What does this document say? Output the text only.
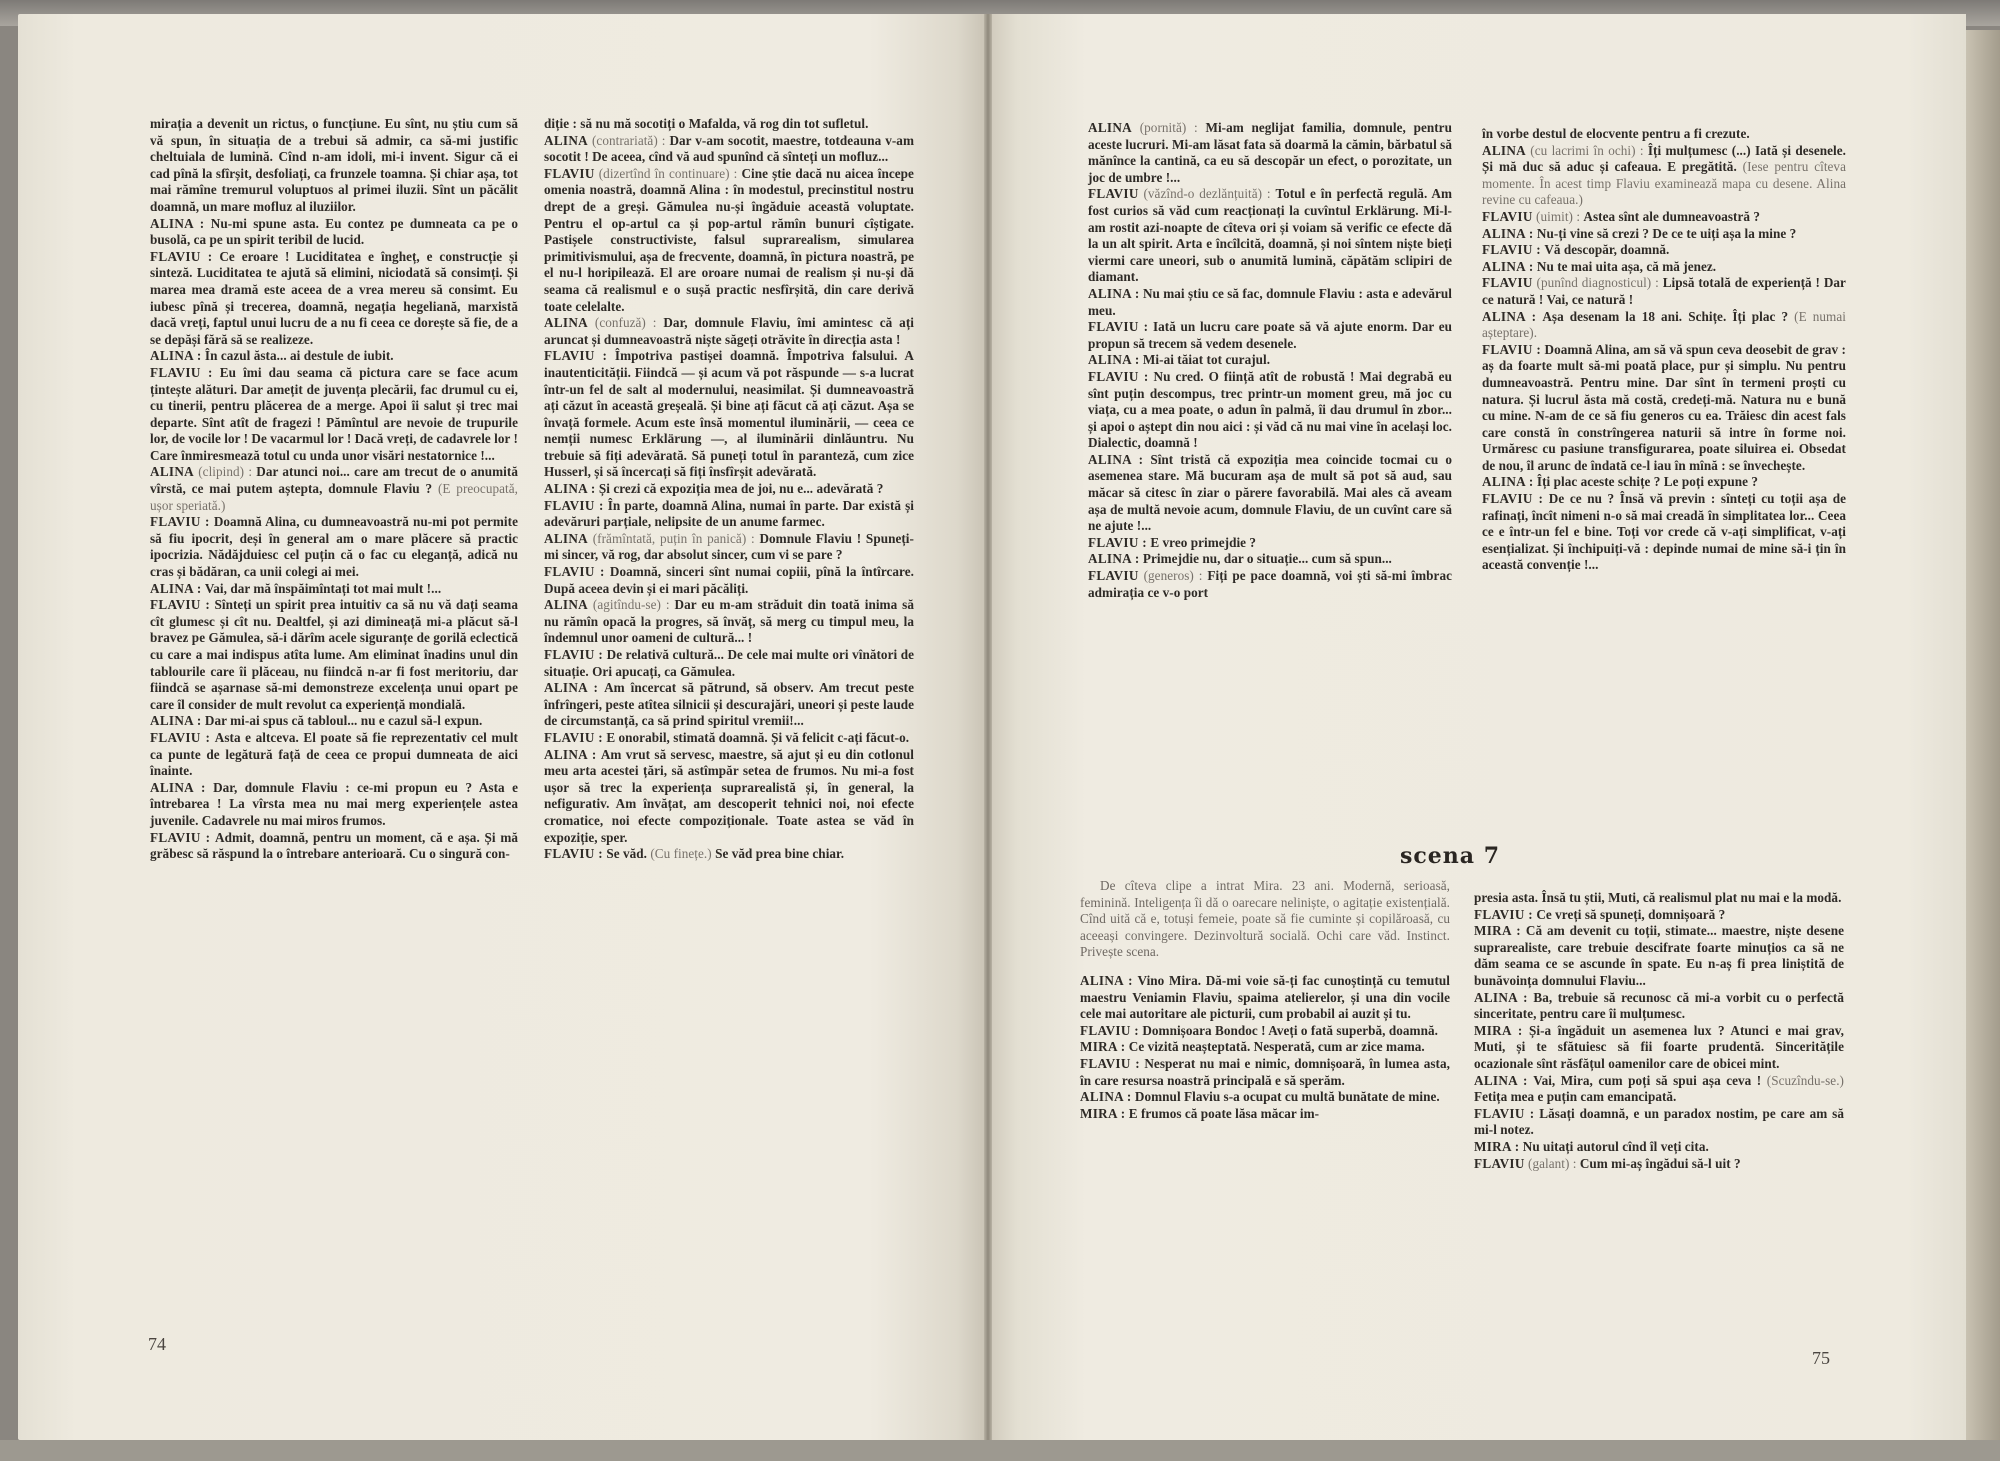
mirația a devenit un rictus, o funcțiune. Eu sînt, nu știu cum să vă spun, în situația de a trebui să admir, ca să-mi justific cheltuiala de lumină. Cînd n-am idoli, mi-i invent. Sigur că ei cad pînă la sfîrșit, desfoliați, ca frunzele toamna. Și chiar așa, tot mai rămîne tremurul voluptuos al primei iluzii. Sînt un păcălit doamnă, un mare mofluz al iluziilor.

ALINA : Nu-mi spune asta. Eu contez pe dumneata ca pe o busolă, ca pe un spirit teribil de lucid.

FLAVIU : Ce eroare ! Luciditatea e îngheț, e construcție și sinteză. Luciditatea te ajută să elimini, niciodată să consimți. Și marea mea dramă este aceea de a vrea mereu să consimt. Eu iubesc pînă și trecerea, doamnă, negația hegeliană, marxistă dacă vreți, faptul unui lucru de a nu fi ceea ce dorește să fie, de a se depăși fără să se realizeze.

ALINA : În cazul ăsta... ai destule de iubit.

FLAVIU : Eu îmi dau seama că pictura care se face acum țintește alături. Dar amețit de juvența plecării, fac drumul cu ei, cu tinerii, pentru plăcerea de a merge. Apoi îi salut și trec mai departe. Sînt atît de fragezi ! Pămîntul are nevoie de trupurile lor, de vocile lor ! De vacarmul lor ! Dacă vreți, de cadavrele lor ! Care înmiresmează totul cu unda unor visări nestatornice !...

ALINA (clipind) : Dar atunci noi... care am trecut de o anumită vîrstă, ce mai putem aștepta, domnule Flaviu ? (E preocupată, ușor speriată.)

FLAVIU : Doamnă Alina, cu dumneavoastră nu-mi pot permite să fiu ipocrit, deși în general am o mare plăcere să practic ipocrizia. Nădăjduiesc cel puțin că o fac cu eleganță, adică nu cras și bădăran, ca unii colegi ai mei.

ALINA : Vai, dar mă înspăimîntați tot mai mult !...

FLAVIU : Sînteți un spirit prea intuitiv ca să nu vă dați seama cît glumesc și cît nu. Dealtfel, și azi dimineață mi-a plăcut să-l bravez pe Gămulea, să-i dărîm acele siguranțe de gorilă eclectică cu care a mai indispus atîta lume. Am eliminat înadins unul din tablourile care îi plăceau, nu fiindcă n-ar fi fost meritoriu, dar fiindcă se așarnase să-mi demonstreze excelența unui opart pe care îl consider de mult revolut ca experiență mondială.

ALINA : Dar mi-ai spus că tabloul... nu e cazul să-l expun.

FLAVIU : Asta e altceva. El poate să fie reprezentativ cel mult ca punte de legătură față de ceea ce propui dumneata de aici înainte.

ALINA : Dar, domnule Flaviu : ce-mi propun eu ? Asta e întrebarea ! La vîrsta mea nu mai merg experiențele astea juvenile. Cadavrele nu mai miros frumos.

FLAVIU : Admit, doamnă, pentru un moment, că e așa. Și mă grăbesc să răspund la o întrebare anterioară. Cu o singură con-

diție : să nu mă socotiți o Mafalda, vă rog din tot sufletul.

ALINA (contrariată) : Dar v-am socotit, maestre, totdeauna v-am socotit ! De aceea, cînd vă aud spunînd că sînteți un mofluz...

FLAVIU (dizertînd în continuare) : Cine știe dacă nu aicea începe omenia noastră, doamnă Alina : în modestul, precinstitul nostru drept de a greși. Gămulea nu-și îngăduie această voluptate. Pentru el op-artul ca și pop-artul rămîn bunuri cîștigate. Pastișele constructiviste, falsul suprarealism, simularea primitivismului, așa de frecvente, doamnă, în pictura noastră, pe el nu-l horipilează. El are oroare numai de realism și nu-și dă seama că realismul e o sușă practic nesfîrșită, din care derivă toate celelalte.

ALINA (confuză) : Dar, domnule Flaviu, îmi amintesc că ați aruncat și dumneavoastră niște săgeți otrăvite în direcția asta !

FLAVIU : Împotriva pastișei doamnă. Împotriva falsului. A inautenticității. Fiindcă — și acum vă pot răspunde — s-a lucrat într-un fel de salt al modernului, neasimilat. Și dumneavoastră ați căzut în această greșeală. Și bine ați făcut că ați căzut. Așa se învață formele. Acum este însă momentul iluminării, — ceea ce nemții numesc Erklärung —, al iluminării dinlăuntru. Nu trebuie să fiți adevărată. Să puneți totul în paranteză, cum zice Husserl, și să încercați să fiți însfîrșit adevărată.

ALINA : Și crezi că expoziția mea de joi, nu e... adevărată ?

FLAVIU : În parte, doamnă Alina, numai în parte. Dar există și adevăruri parțiale, nelipsite de un anume farmec.

ALINA (frămîntată, puțin în panică) : Domnule Flaviu ! Spuneți-mi sincer, vă rog, dar absolut sincer, cum vi se pare ?

FLAVIU : Doamnă, sinceri sînt numai copiii, pînă la întîrcare. După aceea devin și ei mari păcăliți.

ALINA (agitîndu-se) : Dar eu m-am străduit din toată inima să nu rămîn opacă la progres, să învăț, să merg cu timpul meu, la îndemnul unor oameni de cultură... !

FLAVIU : De relativă cultură... De cele mai multe ori vînători de situație. Ori apucați, ca Gămulea.

ALINA : Am încercat să pătrund, să observ. Am trecut peste înfrîngeri, peste atîtea silnicii și descurajări, uneori și peste laude de circumstanță, ca să prind spiritul vremii!...

FLAVIU : E onorabil, stimată doamnă. Și vă felicit c-ați făcut-o.

ALINA : Am vrut să servesc, maestre, să ajut și eu din cotlonul meu arta acestei țări, să astîmpăr setea de frumos. Nu mi-a fost ușor să trec la experiența suprarealistă și, în general, la nefigurativ. Am învățat, am descoperit tehnici noi, noi efecte cromatice, noi efecte compoziționale. Toate astea se văd în expoziție, sper.

FLAVIU : Se văd. (Cu finețe.) Se văd prea bine chiar.

ALINA (pornită) : Mi-am neglijat familia, domnule, pentru aceste lucruri. Mi-am lăsat fata să doarmă la cămin, bărbatul să mănînce la cantină, ca eu să descopăr un efect, o porozitate, un joc de umbre !...

FLAVIU (văzînd-o dezlănțuită) : Totul e în perfectă regulă. Am fost curios să văd cum reacționați la cuvîntul Erklärung. Mi-l-am rostit azi-noapte de cîteva ori și voiam să verific ce efecte dă la un alt spirit. Arta e încîlcită, doamnă, și noi sîntem niște bieți viermi care uneori, sub o anumită lumină, căpătăm sclipiri de diamant.

ALINA : Nu mai știu ce să fac, domnule Flaviu : asta e adevărul meu.

FLAVIU : Iată un lucru care poate să vă ajute enorm. Dar eu propun să trecem să vedem desenele.

ALINA : Mi-ai tăiat tot curajul.

FLAVIU : Nu cred. O ființă atît de robustă ! Mai degrabă eu sînt puțin descompus, trec printr-un moment greu, mă joc cu viața, cu a mea poate, o adun în palmă, îi dau drumul în zbor... și apoi o aștept din nou aici : și văd că nu mai vine în același loc. Dialectic, doamnă !

ALINA : Sînt tristă că expoziția mea coincide tocmai cu o asemenea stare. Mă bucuram așa de mult să pot să aud, sau măcar să citesc în ziar o părere favorabilă. Mai ales că aveam așa de multă nevoie acum, domnule Flaviu, de un cuvînt care să ne ajute !...

FLAVIU : E vreo primejdie ?

ALINA : Primejdie nu, dar o situație... cum să spun...

FLAVIU (generos) : Fiți pe pace doamnă, voi ști să-mi îmbrac admirația ce v-o port

în vorbe destul de elocvente pentru a fi crezute.

ALINA (cu lacrimi în ochi) : Îți mulțumesc (...) Iată și desenele. Și mă duc să aduc și cafeaua. E pregătită. (Iese pentru cîteva momente. În acest timp Flaviu examinează mapa cu desene. Alina revine cu cafeaua.)

FLAVIU (uimit) : Astea sînt ale dumneavoastră ?

ALINA : Nu-ți vine să crezi ? De ce te uiți așa la mine ?

FLAVIU : Vă descopăr, doamnă.

ALINA : Nu te mai uita așa, că mă jenez.

FLAVIU (punînd diagnosticul) : Lipsă totală de experiență ! Dar ce natură ! Vai, ce natură !

ALINA : Așa desenam la 18 ani. Schițe. Îți plac ? (E numai așteptare).

FLAVIU : Doamnă Alina, am să vă spun ceva deosebit de grav : aș da foarte mult să-mi poată place, pur și simplu. Nu pentru dumneavoastră. Pentru mine. Dar sînt în termeni proști cu natura. Și lucrul ăsta mă costă, credeți-mă. Natura nu e bună cu mine. N-am de ce să fiu generos cu ea. Trăiesc din acest fals care constă în constrîngerea naturii să intre în forme noi. Urmăresc cu pasiune transfigurarea, poate siluirea ei. Obsedat de nou, îl arunc de îndată ce-l iau în mînă : se învechește.

ALINA : Îți plac aceste schițe ? Le poți expune ?

FLAVIU : De ce nu ? Însă vă previn : sînteți cu toții așa de rafinați, încît nimeni n-o să mai creadă în simplitatea lor... Ceea ce e într-un fel e bine. Toți vor crede că v-ați simplificat, v-ați esențializat. Și închipuiți-vă : depinde numai de mine să-i țin în această convenție !...

scena 7

De cîteva clipe a intrat Mira. 23 ani. Modernă, serioasă, feminină. Inteligența îi dă o oarecare neliniște, o agitație existențială. Cînd uită că e, totuși femeie, poate să fie cuminte și copilăroasă, cu aceeași convingere. Dezinvoltură socială. Ochi care văd. Instinct. Privește scena.

ALINA : Vino Mira. Dă-mi voie să-ți fac cunoștință cu temutul maestru Veniamin Flaviu, spaima atelierelor, și una din vocile cele mai autoritare ale picturii, cum probabil ai auzit și tu.

FLAVIU : Domnișoara Bondoc ! Aveți o fată superbă, doamnă.

MIRA : Ce vizită neașteptată. Nesperată, cum ar zice mama.

FLAVIU : Nesperat nu mai e nimic, domnișoară, în lumea asta, în care resursa noastră principală e să sperăm.

ALINA : Domnul Flaviu s-a ocupat cu multă bunătate de mine.

MIRA : E frumos că poate lăsa măcar im-

presia asta. Însă tu știi, Muti, că realismul plat nu mai e la modă.

FLAVIU : Ce vreți să spuneți, domnișoară ?

MIRA : Că am devenit cu toții, stimate... maestre, niște desene suprarealiste, care trebuie descifrate foarte minuțios ca să ne dăm seama ce se ascunde în spate. Eu n-aș fi prea liniștită de bunăvoința domnului Flaviu...

ALINA : Ba, trebuie să recunosc că mi-a vorbit cu o perfectă sinceritate, pentru care îi mulțumesc.

MIRA : Și-a îngăduit un asemenea lux ? Atunci e mai grav, Muti, și te sfătuiesc să fii foarte prudentă. Sinceritățile ocazionale sînt răsfățul oamenilor care de obicei mint.

ALINA : Vai, Mira, cum poți să spui așa ceva ! (Scuzîndu-se.) Fetița mea e puțin cam emancipată.

FLAVIU : Lăsați doamnă, e un paradox nostim, pe care am să mi-l notez.

MIRA : Nu uitați autorul cînd îl veți cita.

FLAVIU (galant) : Cum mi-aș îngădui să-l uit ?

74
75
